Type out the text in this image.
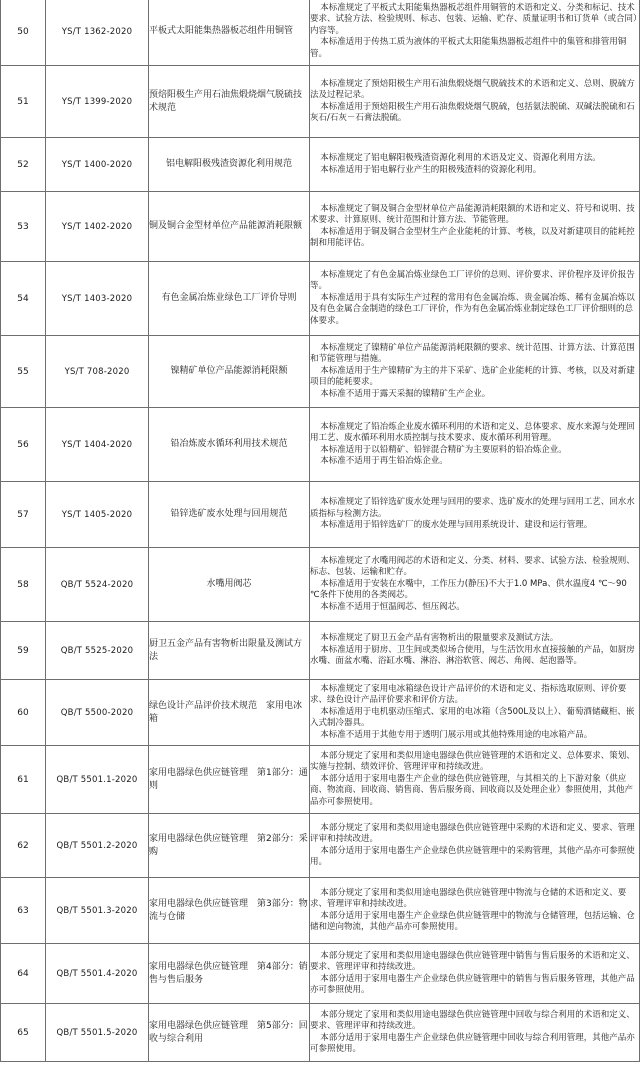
50	YS/T 1362-2020	平板式太阳能集热器板芯组件用铜管	本标准规定了平板式太阳能集热器板芯组件用铜管的术语和定义、分类和标记、技术要求、试验方法、检验规则、标志、包装、运输、贮存、质量证明书和订货单（或合同）内容等。
本标准适用于传热工质为液体的平板式太阳能集热器板芯组件中的集管和排管用铜管。

51	YS/T 1399-2020	预焙阳极生产用石油焦煅烧烟气脱硫技术规范	本标准规定了预焙阳极生产用石油焦煅烧烟气脱硫技术的术语和定义、总则、脱硫方法及过程记录。
本标准适用于预焙阳极生产用石油焦煅烧烟气脱硫，包括氨法脱硫、双碱法脱硫和石灰石/石灰－石膏法脱硫。

52	YS/T 1400-2020	铝电解阳极残渣资源化利用规范	本标准规定了铝电解阳极残渣资源化利用的术语及定义、资源化利用方法。
本标准适用于铝电解行业产生的阳极残渣料的资源化利用。

53	YS/T 1402-2020	铜及铜合金型材单位产品能源消耗限额	本标准规定了铜及铜合金型材单位产品能源消耗限额的术语和定义、符号和说明、技术要求、计算原则、统计范围和计算方法、节能管理。
本标准适用于铜及铜合金型材生产企业能耗的计算、考核，以及对新建项目的能耗控制和用能评估。

54	YS/T 1403-2020	有色金属冶炼业绿色工厂评价导则	本标准规定了有色金属冶炼业绿色工厂评价的总则、评价要求、评价程序及评价报告等。
本标准适用于具有实际生产过程的常用有色金属冶炼、贵金属冶炼、稀有金属冶炼以及有色金属合金制造的绿色工厂评价，作为有色金属冶炼业制定绿色工厂评价细则的总体要求。

55	YS/T 708-2020	镍精矿单位产品能源消耗限额	本标准规定了镍精矿单位产品能源消耗限额的要求、统计范围、计算方法、计算范围和节能管理与措施。
本标准适用于生产镍精矿为主的井下采矿、选矿企业能耗的计算、考核，以及对新建项目的能耗要求。
本标准不适用于露天采掘的镍精矿生产企业。

56	YS/T 1404-2020	铅冶炼废水循环利用技术规范	本标准规定了铅冶炼企业废水循环利用的术语和定义、总体要求、废水来源与处理回用工艺、废水循环利用水质控制与技术要求、废水循环利用管理。
本标准适用于以铅精矿、铅锌混合精矿为主要原料的铅冶炼企业。
本标准不适用于再生铅冶炼企业。

57	YS/T 1405-2020	铅锌选矿废水处理与回用规范	本标准规定了铅锌选矿废水处理与回用的要求、选矿废水的处理与回用工艺、回水水质指标与检测方法。
本标准适用于铅锌选矿厂的废水处理与回用系统设计、建设和运行管理。

58	QB/T 5524-2020	水嘴用阀芯	本标准规定了水嘴用阀芯的术语和定义、分类、材料、要求、试验方法、检验规则、标志、包装、运输和贮存。
本标准适用于安装在水嘴中，工作压力(静压)不大于1.0 MPa、供水温度4 ℃～90 ℃条件下使用的各类阀芯。
本标准不适用于恒温阀芯、恒压阀芯。

59	QB/T 5525-2020	厨卫五金产品有害物析出限量及测试方法	本标准规定了厨卫五金产品有害物析出的限量要求及测试方法。
本标准适用于厨房、卫生间或类似场合使用，与生活饮用水直接接触的产品，如厨房水嘴、面盆水嘴、浴缸水嘴、淋浴、淋浴软管、阀芯、角阀、起泡器等。

60	QB/T 5500-2020	绿色设计产品评价技术规范　家用电冰箱	本标准规定了家用电冰箱绿色设计产品评价的术语和定义、指标选取原则、评价要求、绿色设计产品评价要求和评价方法。
本标准适用于电机驱动压缩式、家用的电冰箱（含500L及以上）、葡萄酒储藏柜、嵌入式制冷器具。
本标准不适用于其他专用于透明门展示用或其他特殊用途的电冰箱产品。

61	QB/T 5501.1-2020	家用电器绿色供应链管理　第1部分：通则	本部分规定了家用和类似用途电器绿色供应链管理的术语和定义、总体要求、策划、实施与控制、绩效评价、管理评审和持续改进。
本部分适用于家用电器生产企业的绿色供应链管理，与其相关的上下游对象（供应商、物流商、回收商、销售商、售后服务商、回收商以及处理企业）参照使用，其他产品亦可参照使用。

62	QB/T 5501.2-2020	家用电器绿色供应链管理　第2部分：采购	本部分规定了家用和类似用途电器绿色供应链管理中采购的术语和定义、要求、管理评审和持续改进。
本部分适用于家用电器生产企业绿色供应链管理中的采购管理，其他产品亦可参照使用。

63	QB/T 5501.3-2020	家用电器绿色供应链管理　第3部分：物流与仓储	本部分规定了家用和类似用途电器绿色供应链管理中物流与仓储的术语和定义、要求、管理评审和持续改进。
本部分适用于家用电器生产企业绿色供应链管理中的物流与仓储管理，包括运输、仓储和逆向物流，其他产品亦可参照使用。

64	QB/T 5501.4-2020	家用电器绿色供应链管理　第4部分：销售与售后服务	本部分规定了家用和类似用途电器绿色供应链管理中销售与售后服务的术语和定义、要求、管理评审和持续改进。
本部分适用于家用电器生产企业绿色供应链管理中的销售与售后服务管理，其他产品亦可参照使用。

65	QB/T 5501.5-2020	家用电器绿色供应链管理　第5部分：回收与综合利用	本部分规定了家用和类似用途电器绿色供应链管理中回收与综合利用的术语和定义、要求、管理评审和持续改进。
本部分适用于家用电器生产企业绿色供应链管理中回收与综合利用管理，其他产品亦可参照使用。
